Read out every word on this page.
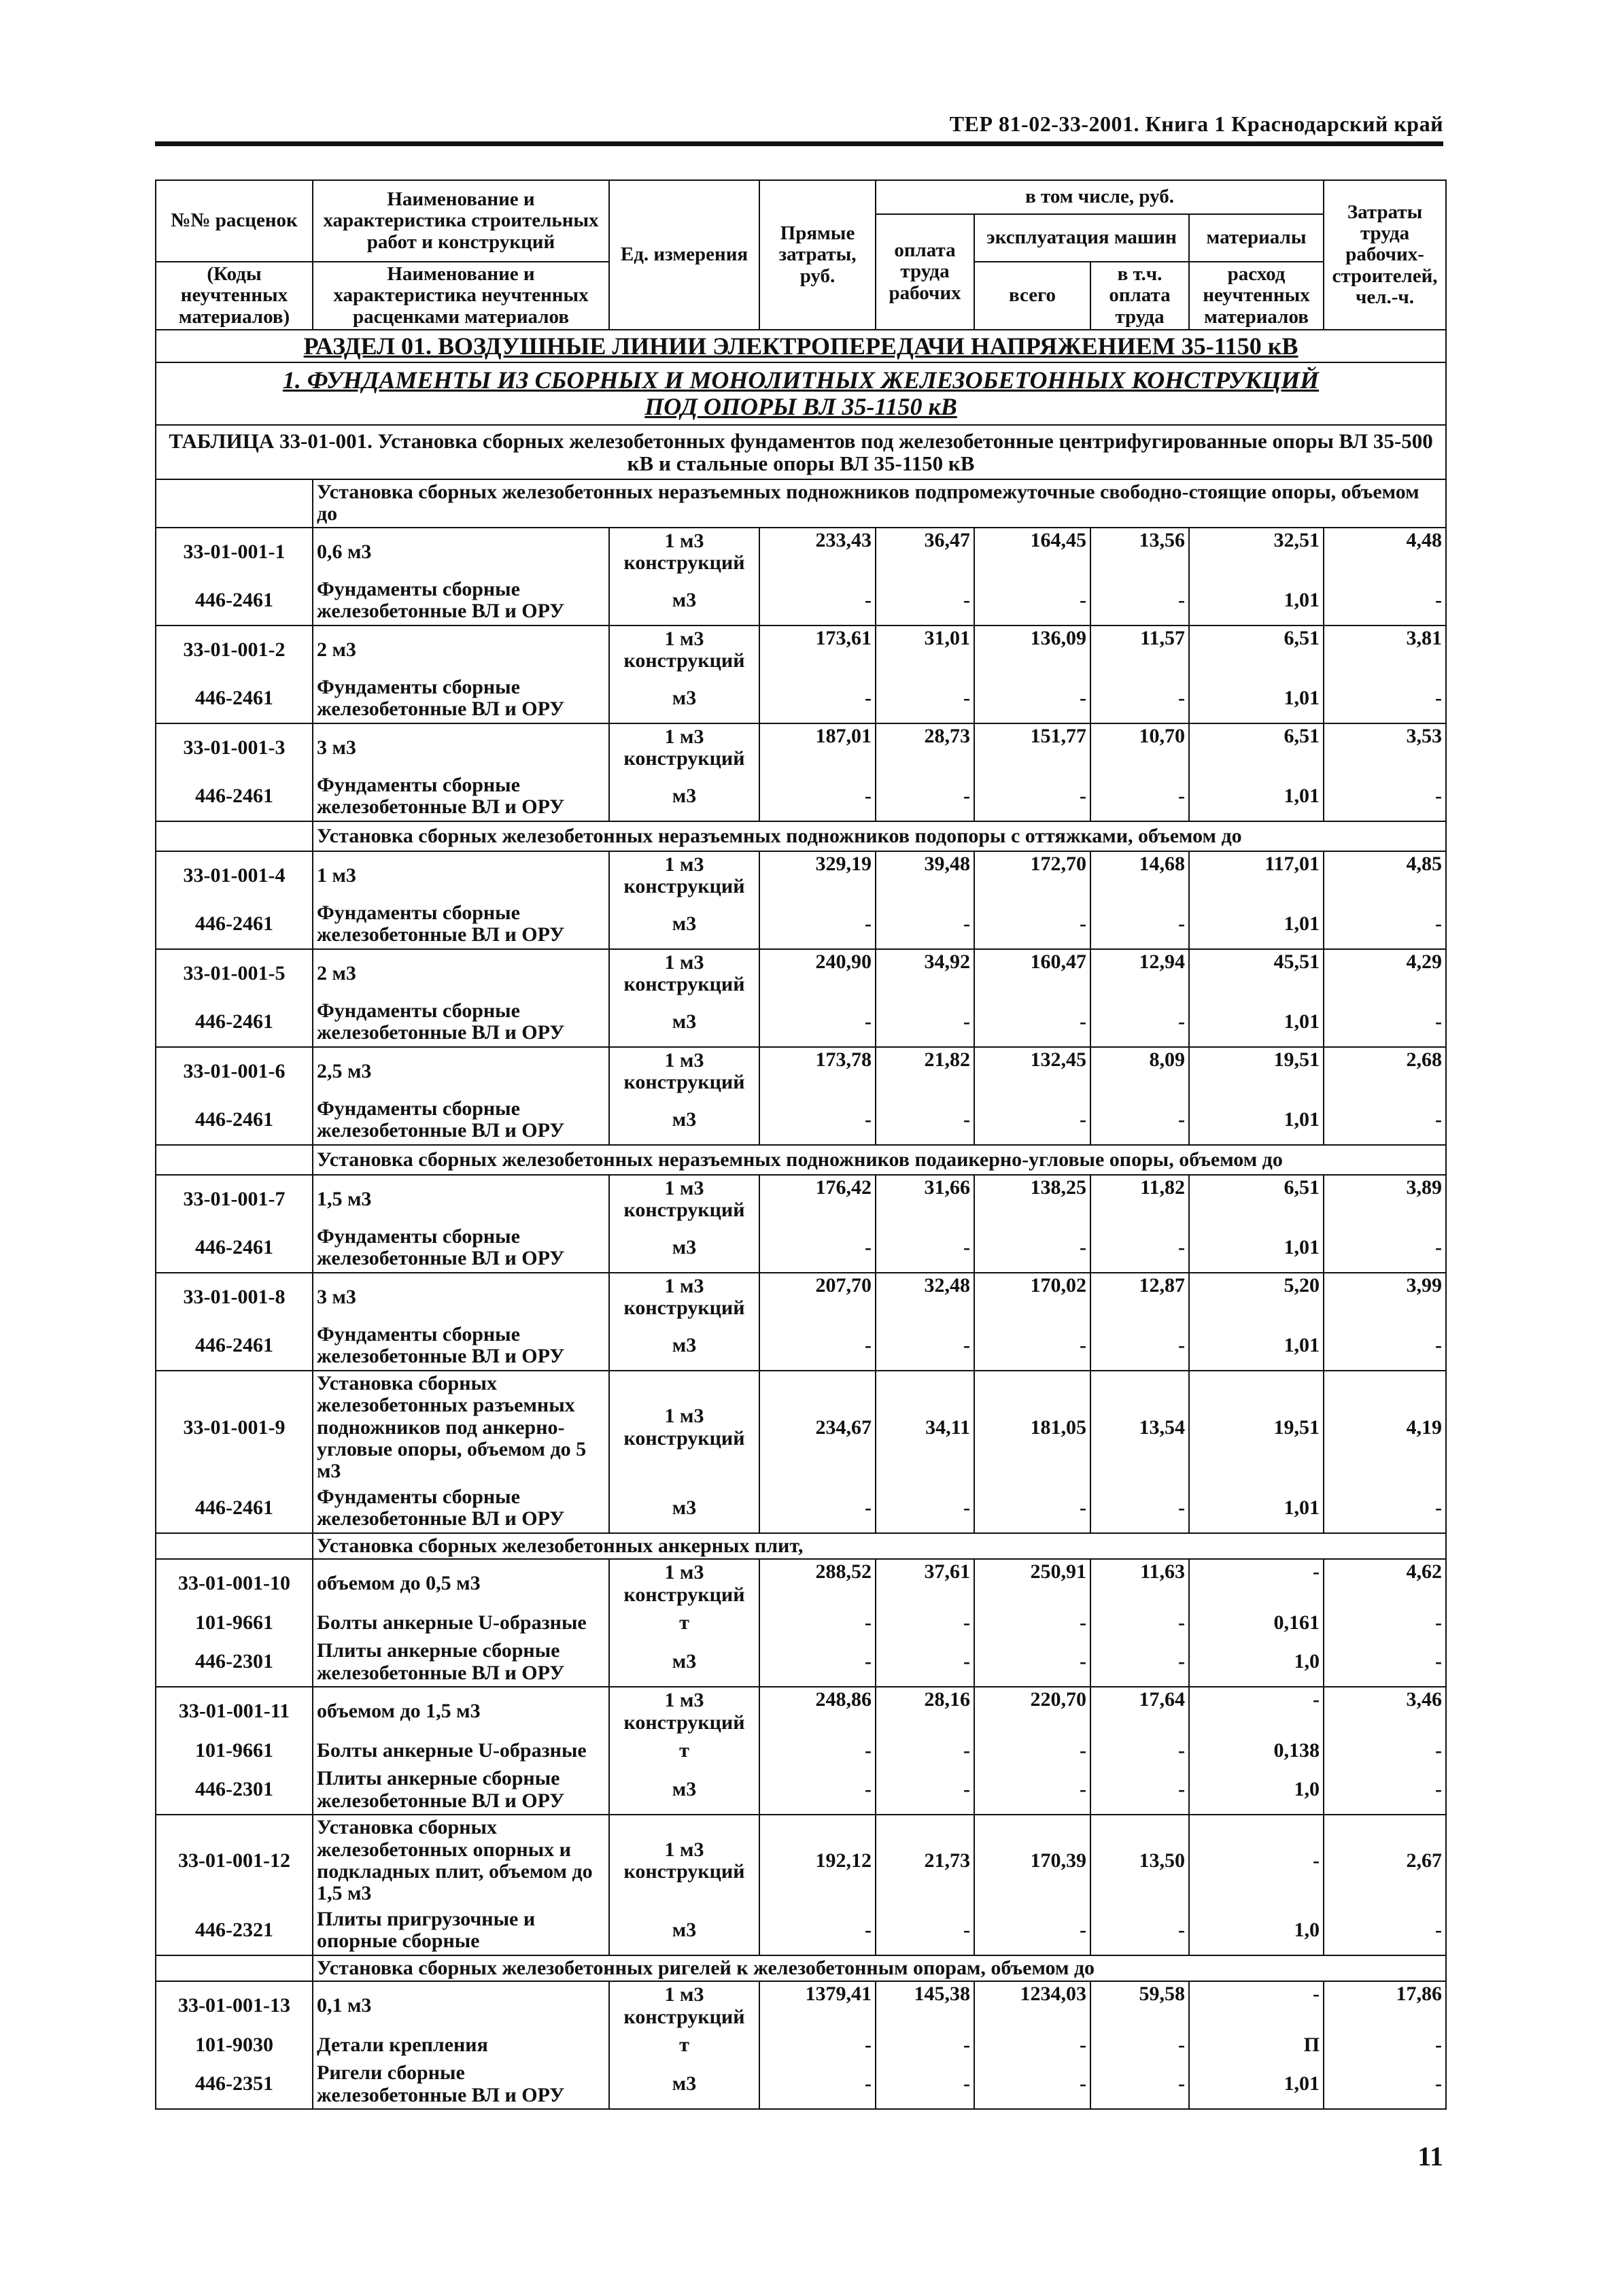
ТЕР 81-02-33-2001. Книга 1 Краснодарский край
№№ расценок	Наименование и характеристика строительных работ и конструкций	Ед. измерения	Прямые затраты, руб.	в том числе, руб.				Затраты труда рабочих-строителей, чел.-ч.
				оплата труда рабочих	эксплуатация машин		материалы	
(Коды неучтенных материалов)	Наименование и характеристика неучтенных расценками материалов				всего	в т.ч. оплата труда	расход неучтенных материалов	
РАЗДЕЛ 01. ВОЗДУШНЫЕ ЛИНИИ ЭЛЕКТРОПЕРЕДАЧИ НАПРЯЖЕНИЕМ 35-1150 кВ								

1. ФУНДАМЕНТЫ ИЗ СБОРНЫХ И МОНОЛИТНЫХ ЖЕЛЕЗОБЕТОННЫХ КОНСТРУКЦИЙ
ПОД ОПОРЫ ВЛ 35-1150 кВ								

ТАБЛИЦА 33-01-001. Установка сборных железобетонных фундаментов под железобетонные центрифугированные опоры ВЛ 35-500 кВ и стальные опоры ВЛ 35-1150 кВ								
	Установка сборных железобетонных неразъемных подножников подпромежуточные свободно-стоящие опоры, объемом до							
33-01-001-1	0,6 м3	1 м3 конструкций	233,43	36,47	164,45	13,56	32,51	4,48
446-2461	Фундаменты сборные железобетонные ВЛ и ОРУ	м3	-	-	-	-	1,01	-
33-01-001-2	2 м3	1 м3 конструкций	173,61	31,01	136,09	11,57	6,51	3,81
446-2461	Фундаменты сборные железобетонные ВЛ и ОРУ	м3	-	-	-	-	1,01	-
33-01-001-3	3 м3	1 м3 конструкций	187,01	28,73	151,77	10,70	6,51	3,53
446-2461	Фундаменты сборные железобетонные ВЛ и ОРУ	м3	-	-	-	-	1,01	-
	Установка сборных железобетонных неразъемных подножников подопоры с оттяжками, объемом до							
33-01-001-4	1 м3	1 м3 конструкций	329,19	39,48	172,70	14,68	117,01	4,85
446-2461	Фундаменты сборные железобетонные ВЛ и ОРУ	м3	-	-	-	-	1,01	-
33-01-001-5	2 м3	1 м3 конструкций	240,90	34,92	160,47	12,94	45,51	4,29
446-2461	Фундаменты сборные железобетонные ВЛ и ОРУ	м3	-	-	-	-	1,01	-
33-01-001-6	2,5 м3	1 м3 конструкций	173,78	21,82	132,45	8,09	19,51	2,68
446-2461	Фундаменты сборные железобетонные ВЛ и ОРУ	м3	-	-	-	-	1,01	-
	Установка сборных железобетонных неразъемных подножников подаикерно-угловые опоры, объемом до							
33-01-001-7	1,5 м3	1 м3 конструкций	176,42	31,66	138,25	11,82	6,51	3,89
446-2461	Фундаменты сборные железобетонные ВЛ и ОРУ	м3	-	-	-	-	1,01	-
33-01-001-8	3 м3	1 м3 конструкций	207,70	32,48	170,02	12,87	5,20	3,99
446-2461	Фундаменты сборные железобетонные ВЛ и ОРУ	м3	-	-	-	-	1,01	-
33-01-001-9	Установка сборных железобетонных разъемных подножников под анкерно-угловые опоры, объемом до 5 м3	1 м3 конструкций	234,67	34,11	181,05	13,54	19,51	4,19
446-2461	Фундаменты сборные железобетонные ВЛ и ОРУ	м3	-	-	-	-	1,01	-
	Установка сборных железобетонных анкерных плит,							
33-01-001-10	объемом до 0,5 м3	1 м3 конструкций	288,52	37,61	250,91	11,63	-	4,62
101-9661	Болты анкерные U-образные	т	-	-	-	-	0,161	-
446-2301	Плиты анкерные сборные железобетонные ВЛ и ОРУ	м3	-	-	-	-	1,0	-
33-01-001-11	объемом до 1,5 м3	1 м3 конструкций	248,86	28,16	220,70	17,64	-	3,46
101-9661	Болты анкерные U-образные	т	-	-	-	-	0,138	-
446-2301	Плиты анкерные сборные железобетонные ВЛ и ОРУ	м3	-	-	-	-	1,0	-
33-01-001-12	Установка сборных железобетонных опорных и подкладных плит, объемом до 1,5 м3	1 м3 конструкций	192,12	21,73	170,39	13,50	-	2,67
446-2321	Плиты пригрузочные и опорные сборные	м3	-	-	-	-	1,0	-
	Установка сборных железобетонных ригелей к железобетонным опорам, объемом до							
33-01-001-13	0,1 м3	1 м3 конструкций	1379,41	145,38	1234,03	59,58	-	17,86
101-9030	Детали крепления	т	-	-	-	-	П	-
446-2351	Ригели сборные железобетонные ВЛ и ОРУ	м3	-	-	-	-	1,01	-
11
